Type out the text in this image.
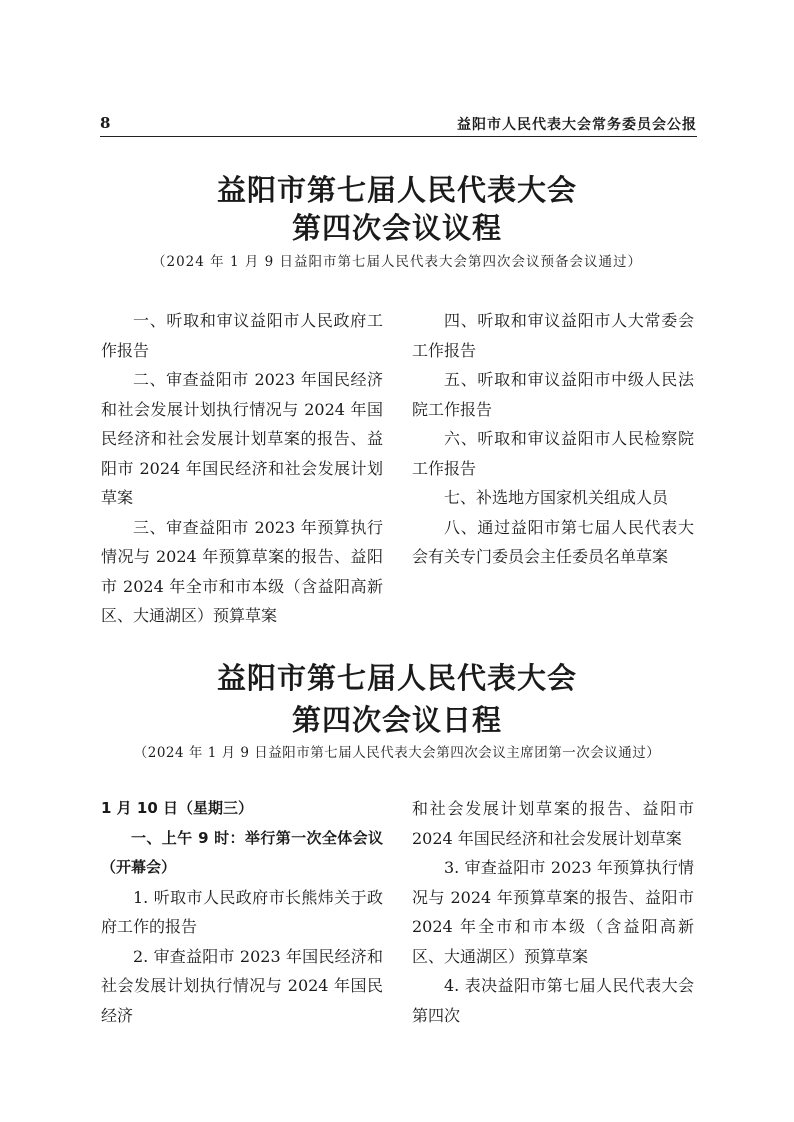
8	益阳市人民代表大会常务委员会公报
益阳市第七届人民代表大会
第四次会议议程
（2024 年 1 月 9 日益阳市第七届人民代表大会第四次会议预备会议通过）

一、听取和审议益阳市人民政府工作报告

二、审查益阳市 2023 年国民经济和社会发展计划执行情况与 2024 年国民经济和社会发展计划草案的报告、益阳市 2024 年国民经济和社会发展计划草案

三、审查益阳市 2023 年预算执行情况与 2024 年预算草案的报告、益阳市 2024 年全市和市本级（含益阳高新区、大通湖区）预算草案

四、听取和审议益阳市人大常委会工作报告

五、听取和审议益阳市中级人民法院工作报告

六、听取和审议益阳市人民检察院工作报告

七、补选地方国家机关组成人员

八、通过益阳市第七届人民代表大会有关专门委员会主任委员名单草案

益阳市第七届人民代表大会
第四次会议日程
（2024 年 1 月 9 日益阳市第七届人民代表大会第四次会议主席团第一次会议通过）

1 月 10 日（星期三）

一、上午 9 时：举行第一次全体会议（开幕会）

1. 听取市人民政府市长熊炜关于政府工作的报告

2. 审查益阳市 2023 年国民经济和社会发展计划执行情况与 2024 年国民经济

和社会发展计划草案的报告、益阳市 2024 年国民经济和社会发展计划草案

3. 审查益阳市 2023 年预算执行情况与 2024 年预算草案的报告、益阳市 2024 年全市和市本级（含益阳高新区、大通湖区）预算草案

4. 表决益阳市第七届人民代表大会第四次
